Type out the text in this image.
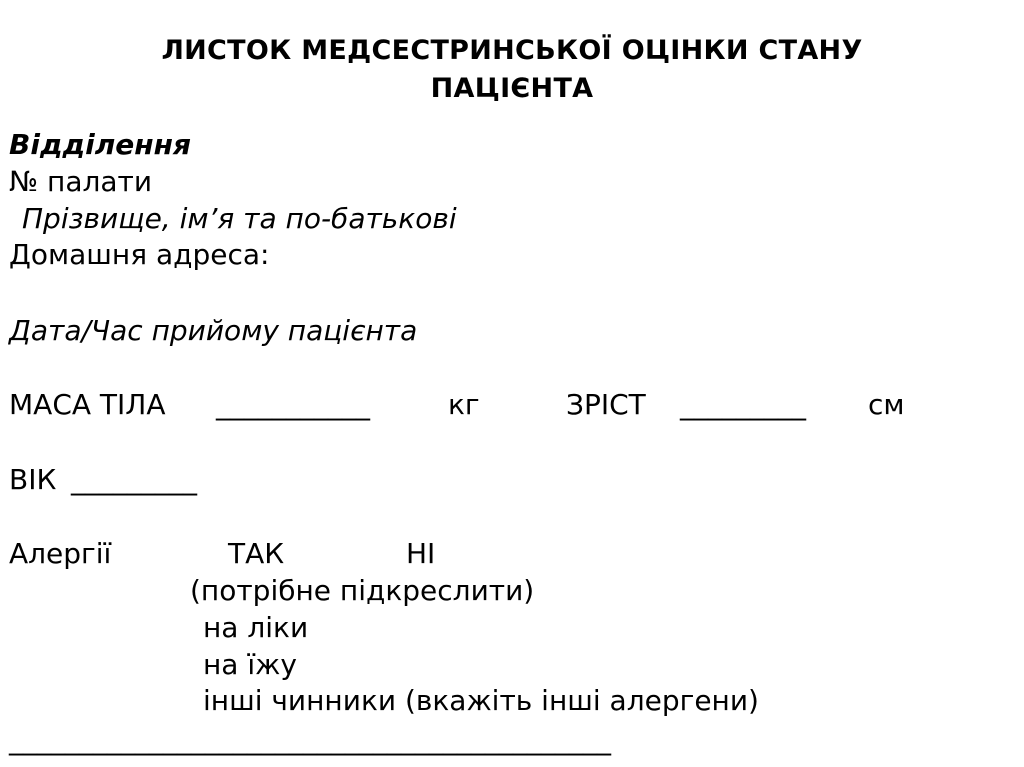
ЛИСТОК МЕДСЕСТРИНСЬКОЇ ОЦІНКИ СТАНУ
ПАЦІЄНТА
Відділення
№ палати
Прізвище, ім’я та по-батькові
Домашня адреса:
Дата/Час прийому пацієнта
МАСА ТІЛА ___________	кг	ЗРІСТ _________ см
ВІК _________
Алергії	ТАК	НІ
(потрібне підкреслити)
на ліки
на їжу
інші чинники (вкажіть інші алергени)
___________________________________________
